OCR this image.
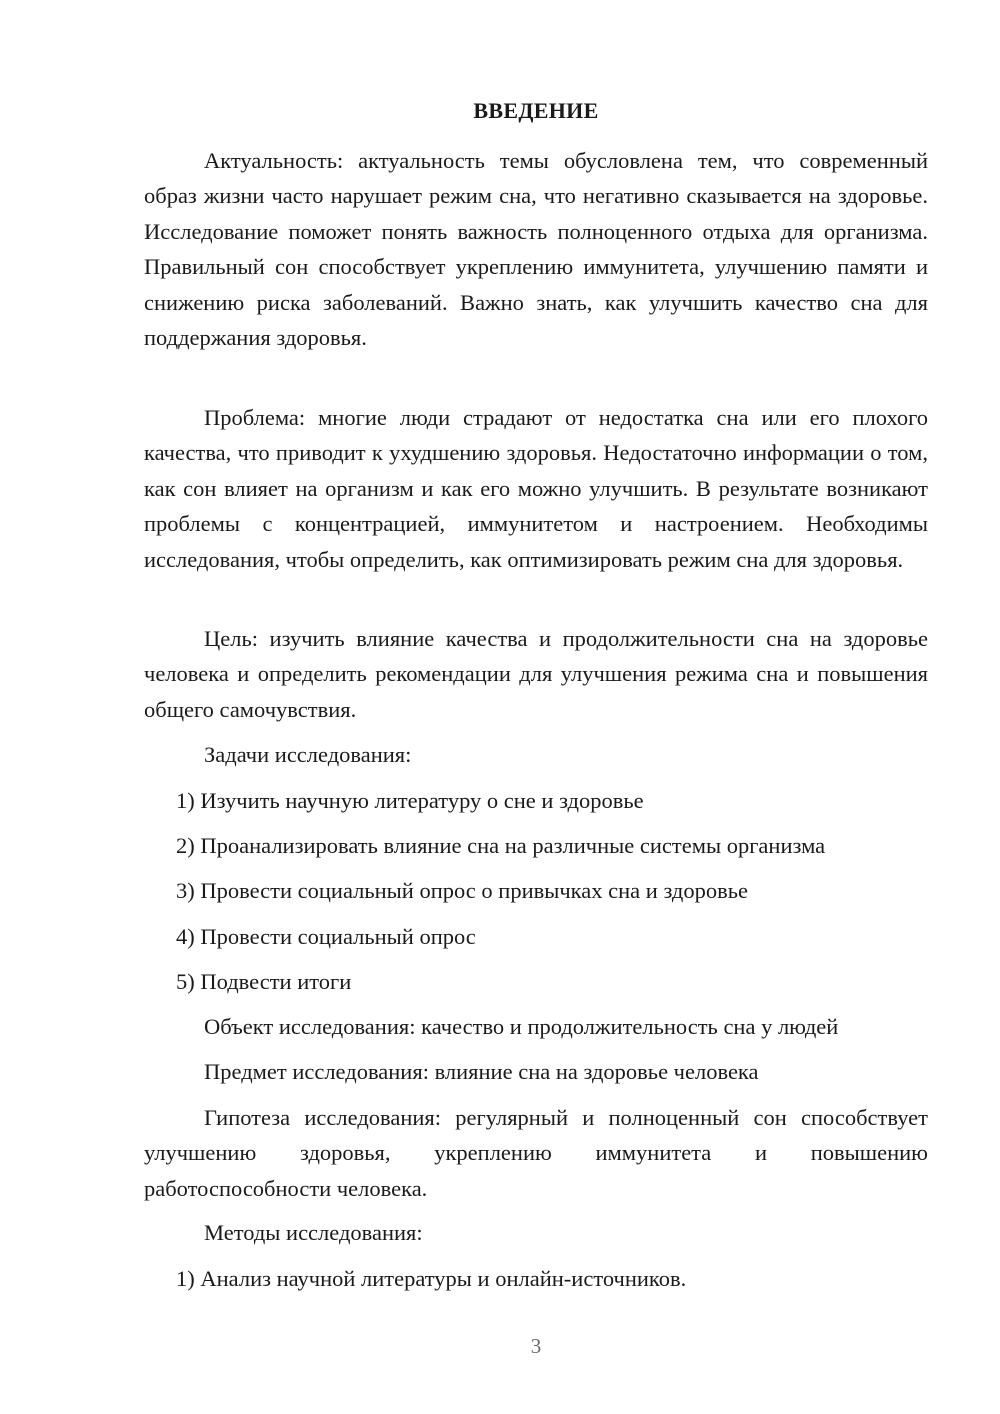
ВВЕДЕНИЕ

Актуальность: актуальность темы обусловлена тем, что современный образ жизни часто нарушает режим сна, что негативно сказывается на здоровье. Исследование поможет понять важность полноценного отдыха для организма. Правильный сон способствует укреплению иммунитета, улучшению памяти и снижению риска заболеваний. Важно знать, как улучшить качество сна для поддержания здоровья.

Проблема: многие люди страдают от недостатка сна или его плохого качества, что приводит к ухудшению здоровья. Недостаточно информации о том, как сон влияет на организм и как его можно улучшить. В результате возникают проблемы с концентрацией, иммунитетом и настроением. Необходимы исследования, чтобы определить, как оптимизировать режим сна для здоровья.

Цель: изучить влияние качества и продолжительности сна на здоровье человека и определить рекомендации для улучшения режима сна и повышения общего самочувствия.

Задачи исследования:
1) Изучить научную литературу о сне и здоровье
2) Проанализировать влияние сна на различные системы организма
3) Провести социальный опрос о привычках сна и здоровье
4) Провести социальный опрос
5) Подвести итоги
Объект исследования: качество и продолжительность сна у людей
Предмет исследования: влияние сна на здоровье человека

Гипотеза исследования: регулярный и полноценный сон способствует улучшению здоровья, укреплению иммунитета и повышению работоспособности человека.

Методы исследования:
1) Анализ научной литературы и онлайн-источников.
3
